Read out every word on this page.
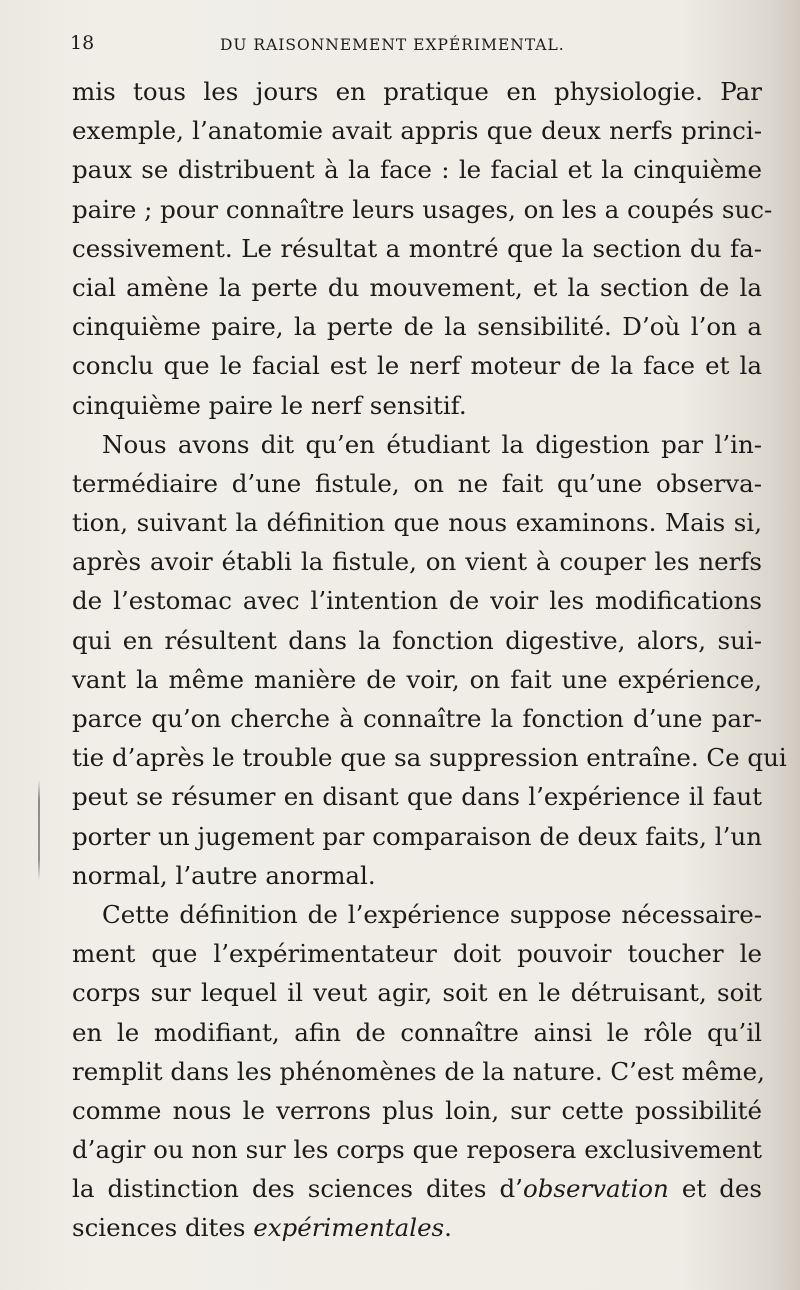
18	DU RAISONNEMENT EXPÉRIMENTAL.
mis tous les jours en pratique en physiologie. Par
exemple, l’anatomie avait appris que deux nerfs princi-
paux se distribuent à la face : le facial et la cinquième
paire ; pour connaître leurs usages, on les a coupés suc-
cessivement. Le résultat a montré que la section du fa-
cial amène la perte du mouvement, et la section de la
cinquième paire, la perte de la sensibilité. D’où l’on a
conclu que le facial est le nerf moteur de la face et la
cinquième paire le nerf sensitif.
Nous avons dit qu’en étudiant la digestion par l’in-
termédiaire d’une fistule, on ne fait qu’une observa-
tion, suivant la définition que nous examinons. Mais si,
après avoir établi la fistule, on vient à couper les nerfs
de l’estomac avec l’intention de voir les modifications
qui en résultent dans la fonction digestive, alors, sui-
vant la même manière de voir, on fait une expérience,
parce qu’on cherche à connaître la fonction d’une par-
tie d’après le trouble que sa suppression entraîne. Ce qui
peut se résumer en disant que dans l’expérience il faut
porter un jugement par comparaison de deux faits, l’un
normal, l’autre anormal.
Cette définition de l’expérience suppose nécessaire-
ment que l’expérimentateur doit pouvoir toucher le
corps sur lequel il veut agir, soit en le détruisant, soit
en le modifiant, afin de connaître ainsi le rôle qu’il
remplit dans les phénomènes de la nature. C’est même,
comme nous le verrons plus loin, sur cette possibilité
d’agir ou non sur les corps que reposera exclusivement
la distinction des sciences dites d’observation et des
sciences dites expérimentales.
